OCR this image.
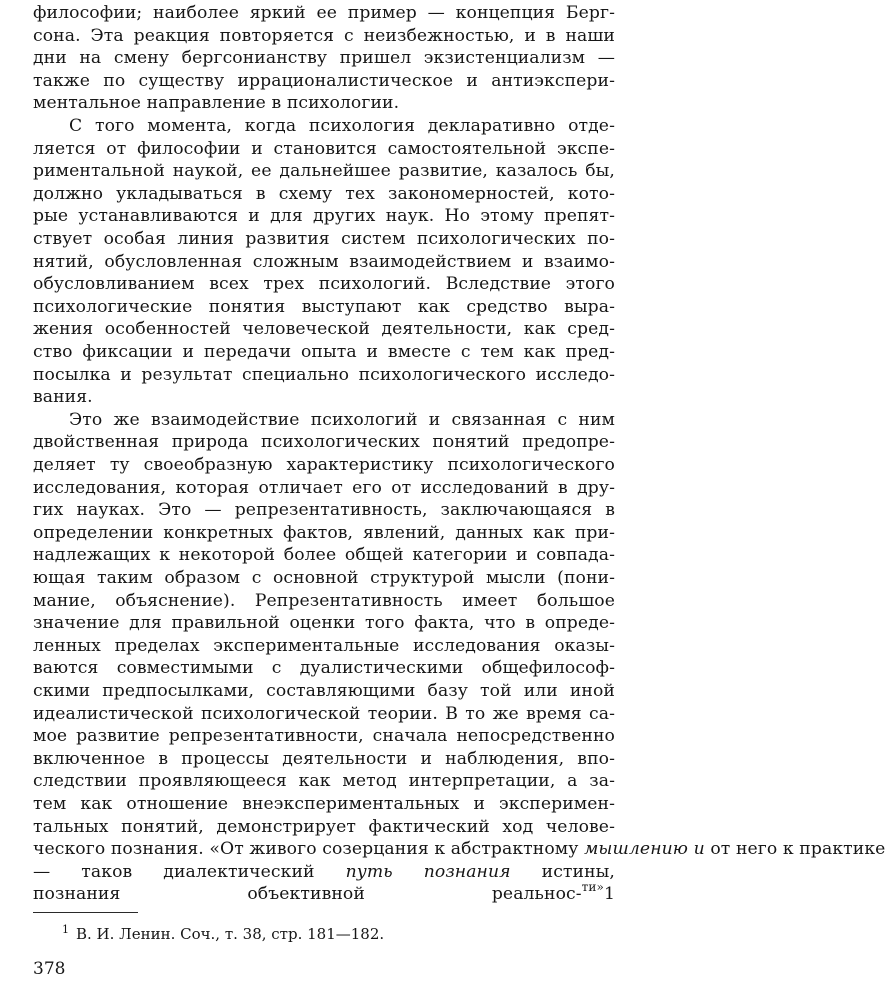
философии; наиболее яркий ее пример — концепция Берг-
сона. Эта реакция повторяется с неизбежностью, и в наши
дни на смену бергсонианству пришел экзистенциализм —
также по существу иррационалистическое и антиэкспери-
ментальное направление в психологии.
С того момента, когда психология декларативно отде-
ляется от философии и становится самостоятельной экспе-
риментальной наукой, ее дальнейшее развитие, казалось бы,
должно укладываться в схему тех закономерностей, кото-
рые устанавливаются и для других наук. Но этому препят-
ствует особая линия развития систем психологических по-
нятий, обусловленная сложным взаимодействием и взаимо-
обусловливанием всех трех психологий. Вследствие этого
психологические понятия выступают как средство выра-
жения особенностей человеческой деятельности, как сред-
ство фиксации и передачи опыта и вместе с тем как пред-
посылка и результат специально психологического исследо-
вания.
Это же взаимодействие психологий и связанная с ним
двойственная природа психологических понятий предопре-
деляет ту своеобразную характеристику психологического
исследования, которая отличает его от исследований в дру-
гих науках. Это — репрезентативность, заключающаяся в
определении конкретных фактов, явлений, данных как при-
надлежащих к некоторой более общей категории и совпада-
ющая таким образом с основной структурой мысли (пони-
мание, объяснение). Репрезентативность имеет большое
значение для правильной оценки того факта, что в опреде-
ленных пределах экспериментальные исследования оказы-
ваются совместимыми с дуалистическими общефилософ-
скими предпосылками, составляющими базу той или иной
идеалистической психологической теории. В то же время са-
мое развитие репрезентативности, сначала непосредственно
включенное в процессы деятельности и наблюдения, впо-
следствии проявляющееся как метод интерпретации, а за-
тем как отношение внеэкспериментальных и эксперимен-
тальных понятий, демонстрирует фактический ход челове-
ческого познания. «От живого созерцания к абстрактному мышлению и от него к практике
— таков диалектический путь познания истины,
познания объективной реальнос-$^{ти»}$1
$^1$ В. И. Ленин. Соч., т. 38, стр. 181—182.
378
